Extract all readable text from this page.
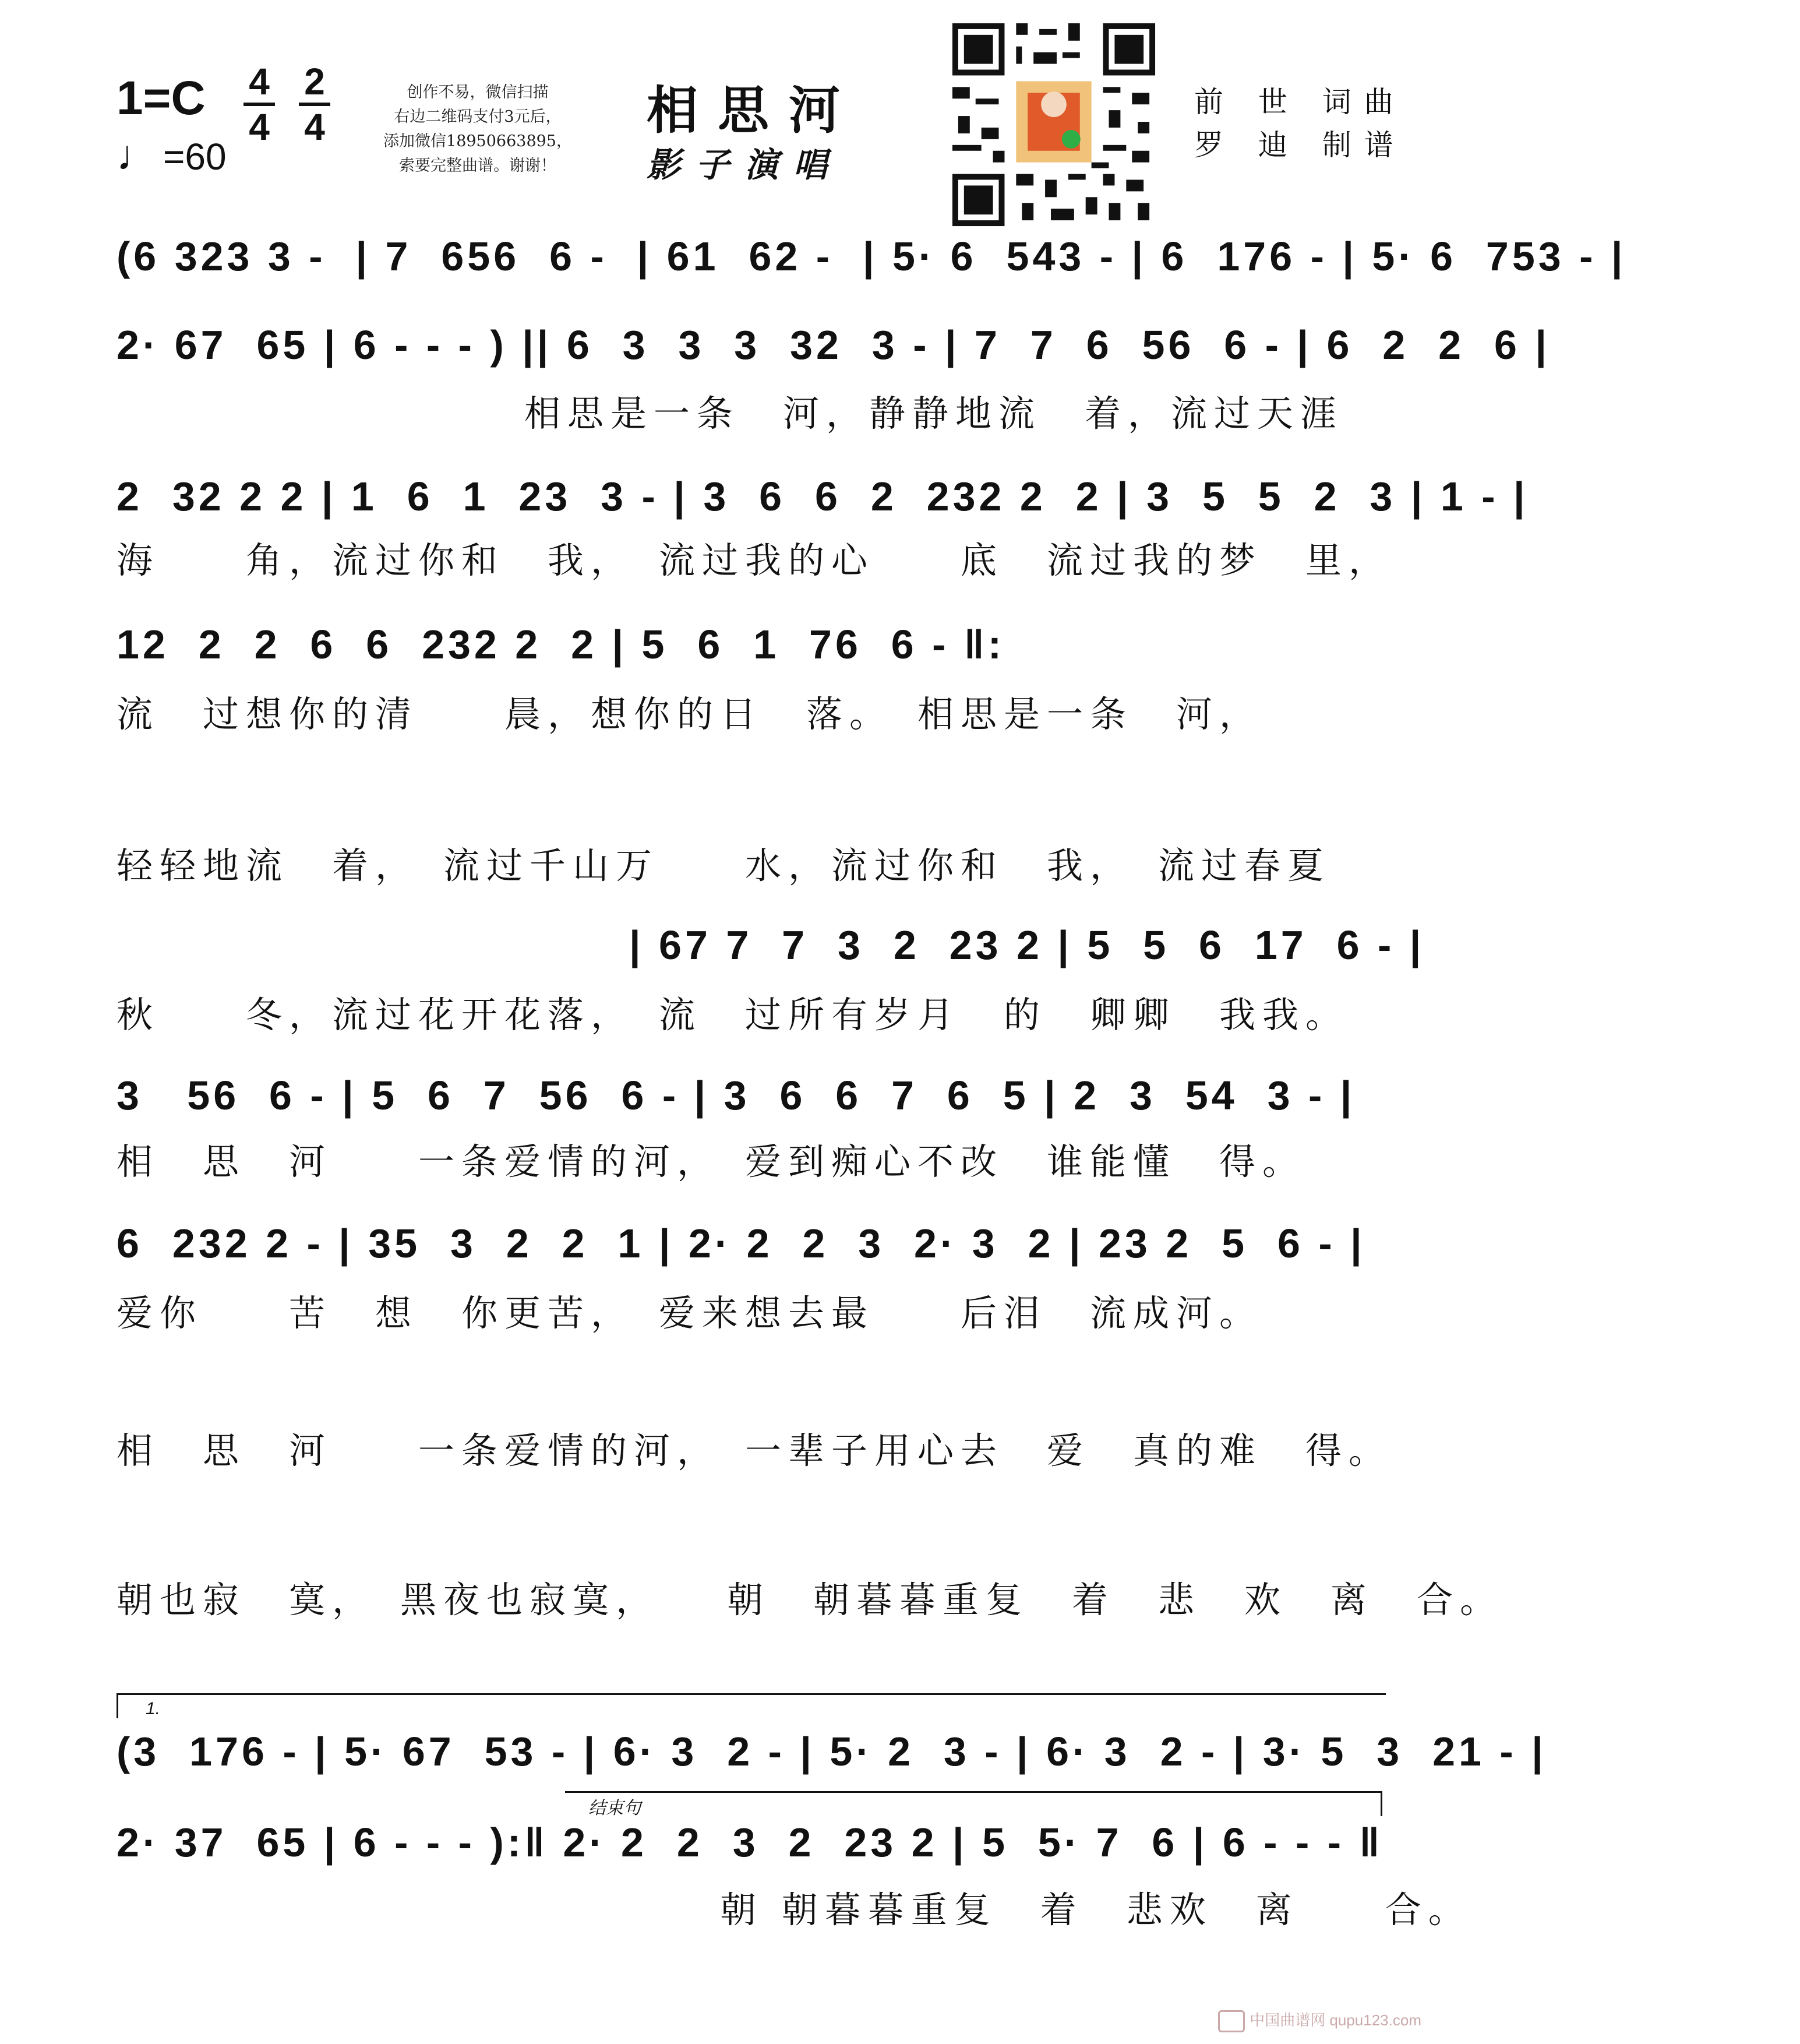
1=C 4
4
2
4
♩ =60
创作不易，微信扫描
右边二维码支付3元后，
添加微信18950663895，
索要完整曲谱。谢谢！
相思河
影子演唱
前 世 词曲
罗 迪 制谱
(6 323 3 -  | 7  656  6 -  | 61  62 -  | 5· 6  543 - | 6  176 - | 5· 6  753 - |
2· 67  65 | 6 - - - ) || 6  3  3  3  32  3 - | 7  7  6  56  6 - | 6  2  2  6 |
相思是一条　河，静静地流　着，流过天涯
2  32 2 2 | 1  6  1  23  3 - | 3  6  6  2  232 2  2 | 3  5  5  2  3 | 1 - |
海　　角，流过你和　我，　流过我的心　　底　流过我的梦　里，
12  2  2  6  6  232 2  2 | 5  6  1  76  6 - ‖:
流　过想你的清　　晨，想你的日　落。　相思是一条　河，
轻轻地流　着，　流过千山万　　水，流过你和　我，　流过春夏
| 67 7  7  3  2  23 2 | 5  5  6  17  6 - |
秋　　冬，流过花开花落，　流　过所有岁月　的　卿卿　我我。
3   56  6 - | 5  6  7  56  6 - | 3  6  6  7  6  5 | 2  3  54  3 - |
相　思　河　　一条爱情的河，　爱到痴心不改　谁能懂　得。
6  232 2 - | 35  3  2  2  1 | 2· 2  2  3  2· 3  2 | 23 2  5  6 - |
爱你　　苦　想　你更苦，　爱来想去最　　后泪　流成河。
相　思　河　　一条爱情的河，　一辈子用心去　爱　真的难　得。
朝也寂　寞，　黑夜也寂寞，　　朝　朝暮暮重复　着　悲　欢　离　合。
1.
(3  176 - | 5· 67  53 - | 6· 3  2 - | 5· 2  3 - | 6· 3  2 - | 3· 5  3  21 - |
结束句
2· 37  65 | 6 - - - ):‖ 2· 2  2  3  2  23 2 | 5  5· 7  6 | 6 - - - ‖
　　　　　　　　　　　　　　朝 朝暮暮重复　着　悲欢　离　　合。
中国曲谱网 qupu123.com
